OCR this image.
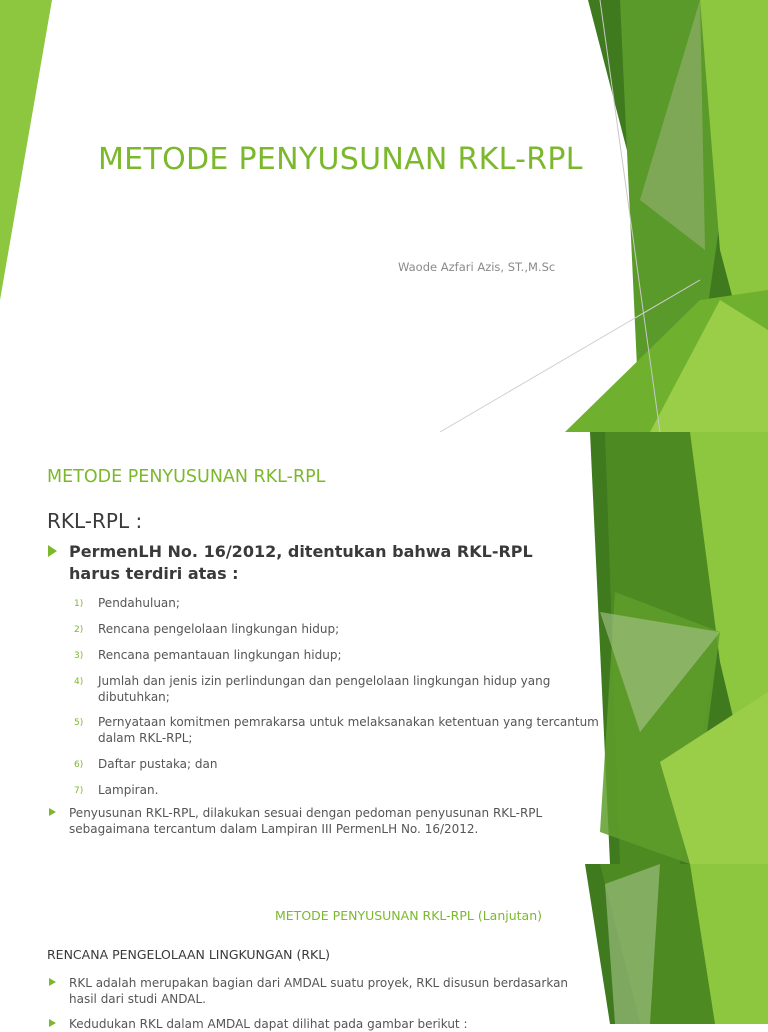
METODE PENYUSUNAN RKL-RPL
Waode Azfari Azis, ST.,M.Sc
METODE PENYUSUNAN RKL-RPL
RKL-RPL :
PermenLH No. 16/2012, ditentukan bahwa RKL-RPL harus terdiri atas :
1) Pendahuluan;
2) Rencana pengelolaan lingkungan hidup;
3) Rencana pemantauan lingkungan hidup;
4) Jumlah dan jenis izin perlindungan dan pengelolaan lingkungan hidup yang dibutuhkan;
5) Pernyataan komitmen pemrakarsa untuk melaksanakan ketentuan yang tercantum dalam RKL-RPL;
6) Daftar pustaka; dan
7) Lampiran.
Penyusunan RKL-RPL, dilakukan sesuai dengan pedoman penyusunan RKL-RPL sebagaimana tercantum dalam Lampiran III PermenLH No. 16/2012.
METODE PENYUSUNAN RKL-RPL (Lanjutan)
RENCANA PENGELOLAAN LINGKUNGAN (RKL)
RKL adalah merupakan bagian dari AMDAL suatu proyek, RKL disusun berdasarkan hasil dari studi ANDAL.
Kedudukan RKL dalam AMDAL dapat dilihat pada gambar berikut :
